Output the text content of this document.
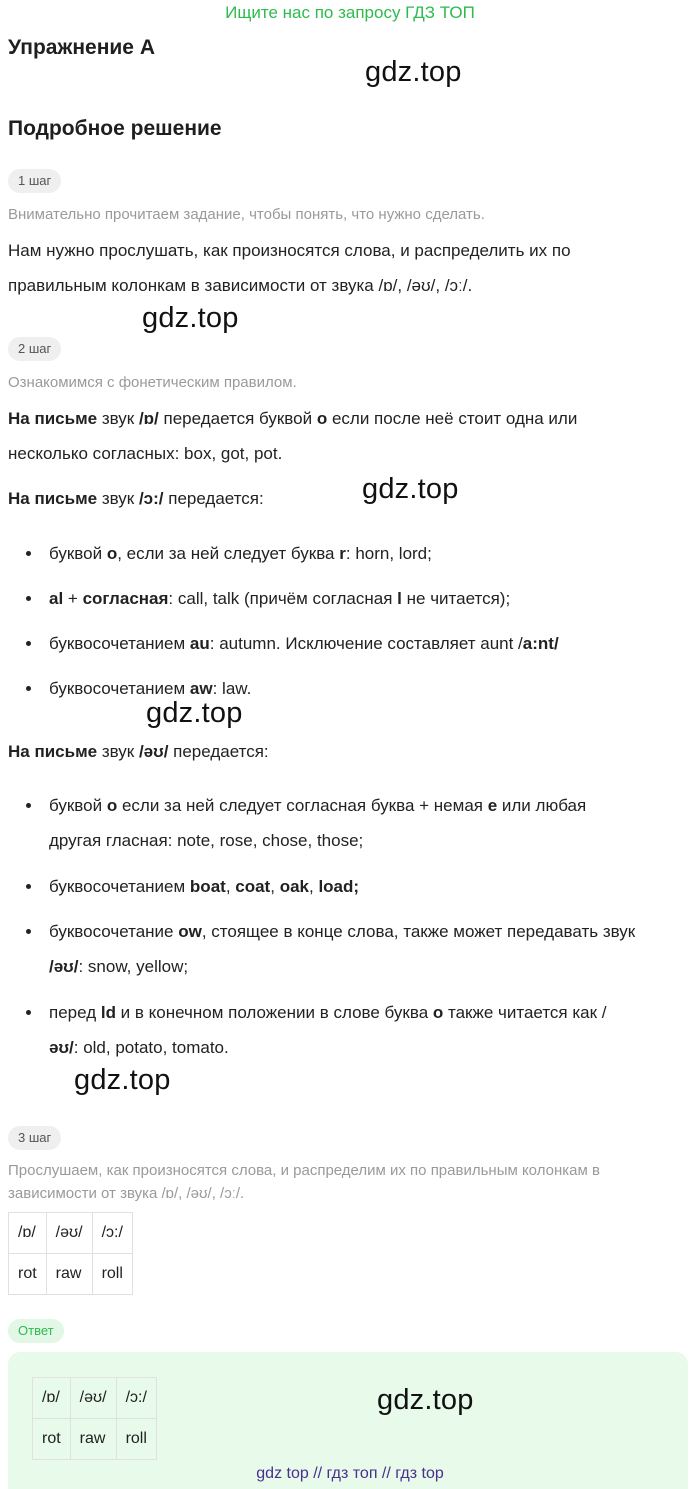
Ищите нас по запросу ГДЗ ТОП
Упражнение A
gdz.top
Подробное решение
1 шаг
Внимательно прочитаем задание, чтобы понять, что нужно сделать.
Нам нужно прослушать, как произносятся слова, и распределить их по
правильным колонкам в зависимости от звука /ɒ/, /əʊ/, /ɔː/.
gdz.top
2 шаг
Ознакомимся с фонетическим правилом.
На письме звук /ɒ/ передается буквой о если после неё стоит одна или
несколько согласных: box, got, pot.
gdz.top
На письме звук /ɔ:/ передается:
буквой o, если за ней следует буква r: horn, lord;
al + согласная: call, talk (причём согласная l не читается);
буквосочетанием au: autumn. Исключение составляет aunt /a:nt/
буквосочетанием aw: law.
gdz.top
На письме звук /əʊ/ передается:
буквой o если за ней следует согласная буква + немая e или любая
другая гласная: note, rose, chose, those;
буквосочетанием boat, coat, oak, load;
буквосочетание ow, стоящее в конце слова, также может передавать звук
/əʊ/: snow, yellow;
перед ld и в конечном положении в слове буква o также читается как /
əʊ/: old, potato, tomato.
gdz.top
3 шаг
Прослушаем, как произносятся слова, и распределим их по правильным колонкам в
зависимости от звука /ɒ/, /əʊ/, /ɔː/.
/ɒ/	/əʊ/	/ɔ:/
rot	raw	roll
Ответ
/ɒ/	/əʊ/	/ɔ:/
rot	raw	roll
gdz.top
gdz top // гдз топ // гдз top
